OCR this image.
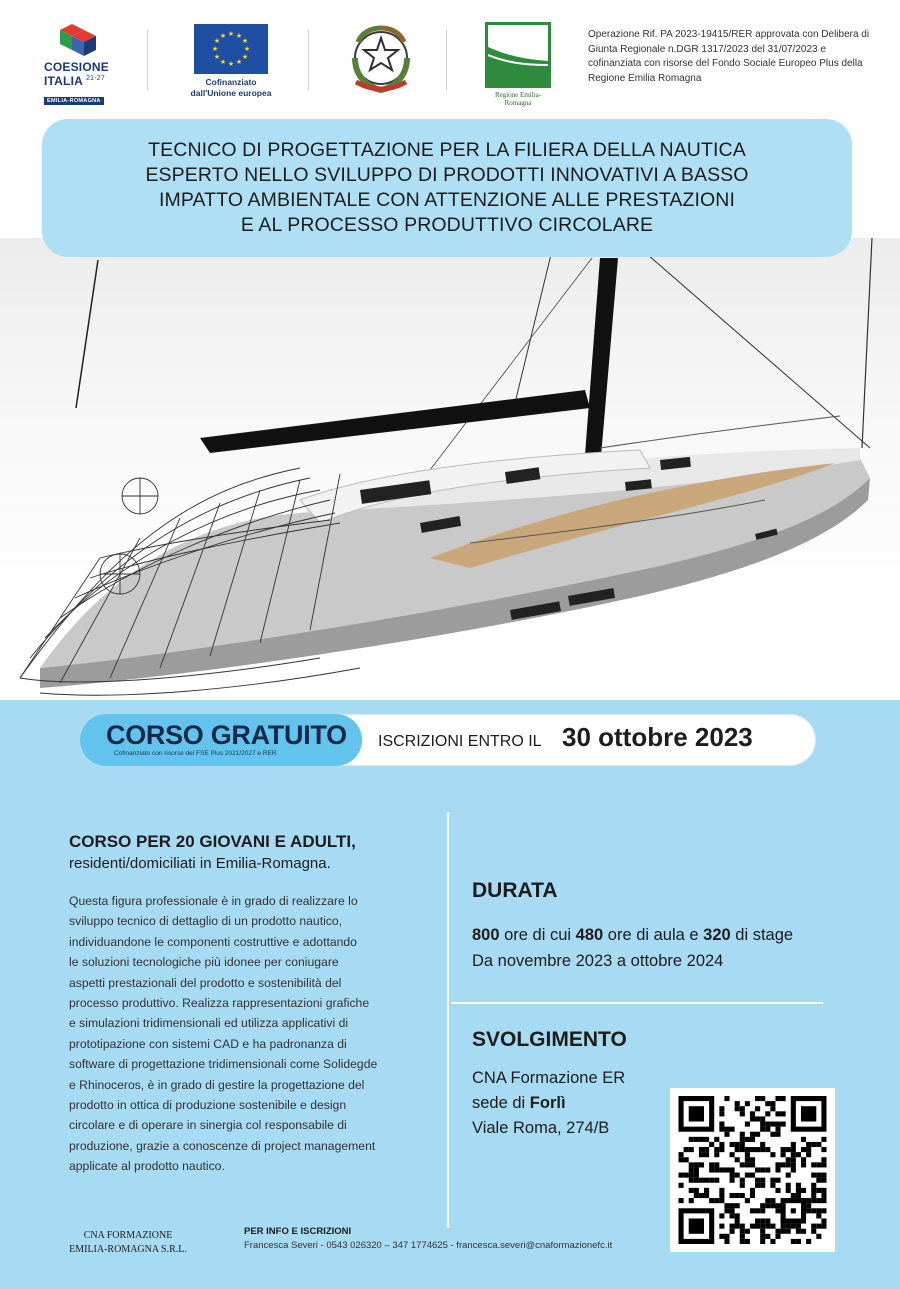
COESIONE
ITALIA $^{21-27}$
EMILIA-ROMAGNA
★ ★
★
★
★
★
★
★
★
★
★
★
Cofinanziato
dall'Unione europea	Regione Emilia-Romagna
Operazione Rif. PA 2023-19415/RER approvata con Delibera di Giunta Regionale n.DGR 1317/2023 del 31/07/2023 e cofinanziata con risorse del Fondo Sociale Europeo Plus della Regione Emilia Romagna
TECNICO DI PROGETTAZIONE PER LA FILIERA DELLA NAUTICA
ESPERTO NELLO SVILUPPO DI PRODOTTI INNOVATIVI A BASSO
IMPATTO AMBIENTALE CON ATTENZIONE ALLE PRESTAZIONI
E AL PROCESSO PRODUTTIVO CIRCOLARE
CORSO GRATUITO
Cofinanziato con risorse del FSE Plus 2021/2027 e RER
ISCRIZIONI ENTRO IL 30 ottobre 2023
CORSO PER 20 GIOVANI E ADULTI,
residenti/domiciliati in Emilia-Romagna.
Questa figura professionale è in grado di realizzare lo
sviluppo tecnico di dettaglio di un prodotto nautico,
individuandone le componenti costruttive e adottando
le soluzioni tecnologiche più idonee per coniugare
aspetti prestazionali del prodotto e sostenibilità del
processo produttivo. Realizza rappresentazioni grafiche
e simulazioni tridimensionali ed utilizza applicativi di
prototipazione con sistemi CAD e ha padronanza di
software di progettazione tridimensionali come Solidegde
e Rhinoceros, è in grado di gestire la progettazione del
prodotto in ottica di produzione sostenibile e design
circolare e di operare in sinergia col responsabile di
produzione, grazie a conoscenze di project management
applicate al prodotto nautico.
DURATA
800 ore di cui 480 ore di aula e 320 di stage
Da novembre 2023 a ottobre 2024
SVOLGIMENTO
CNA Formazione ER
sede di Forlì
Viale Roma, 274/B
CNA FORMAZIONE
EMILIA-ROMAGNA S.R.L.
PER INFO E ISCRIZIONI
Francesca Severi - 0543 026320 – 347 1774625 - francesca.severi@cnaformazionefc.it
